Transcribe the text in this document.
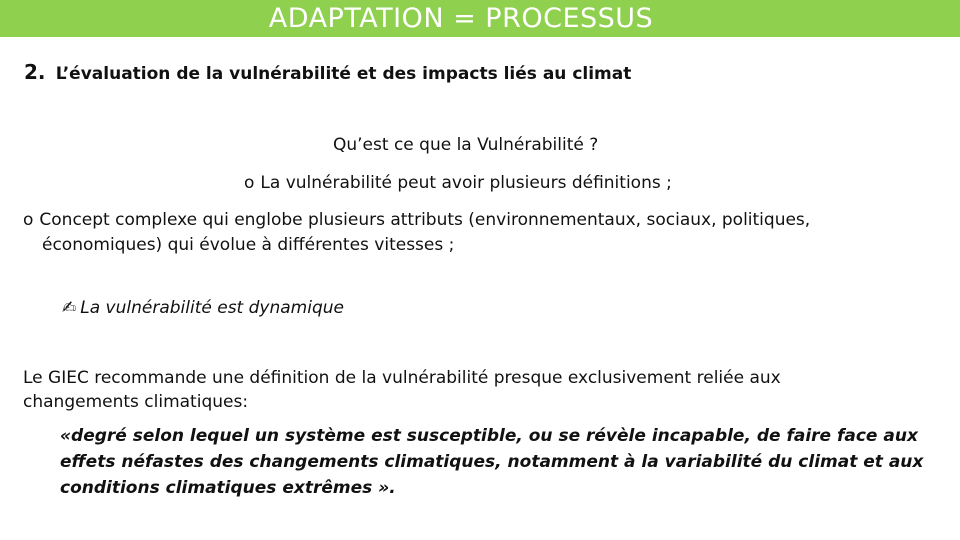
ADAPTATION = PROCESSUS
2. L’évaluation de la vulnérabilité et des impacts liés au climat
Qu’est ce que la Vulnérabilité ?
o La vulnérabilité peut avoir plusieurs définitions ;
o Concept complexe qui englobe plusieurs attributs (environnementaux, sociaux, politiques,
économiques) qui évolue à différentes vitesses ;
✍ La vulnérabilité est dynamique
Le GIEC recommande une définition de la vulnérabilité presque exclusivement reliée aux
changements climatiques:
«degré selon lequel un système est susceptible, ou se révèle incapable, de faire face aux
effets néfastes des changements climatiques, notamment à la variabilité du climat et aux
conditions climatiques extrêmes ».
